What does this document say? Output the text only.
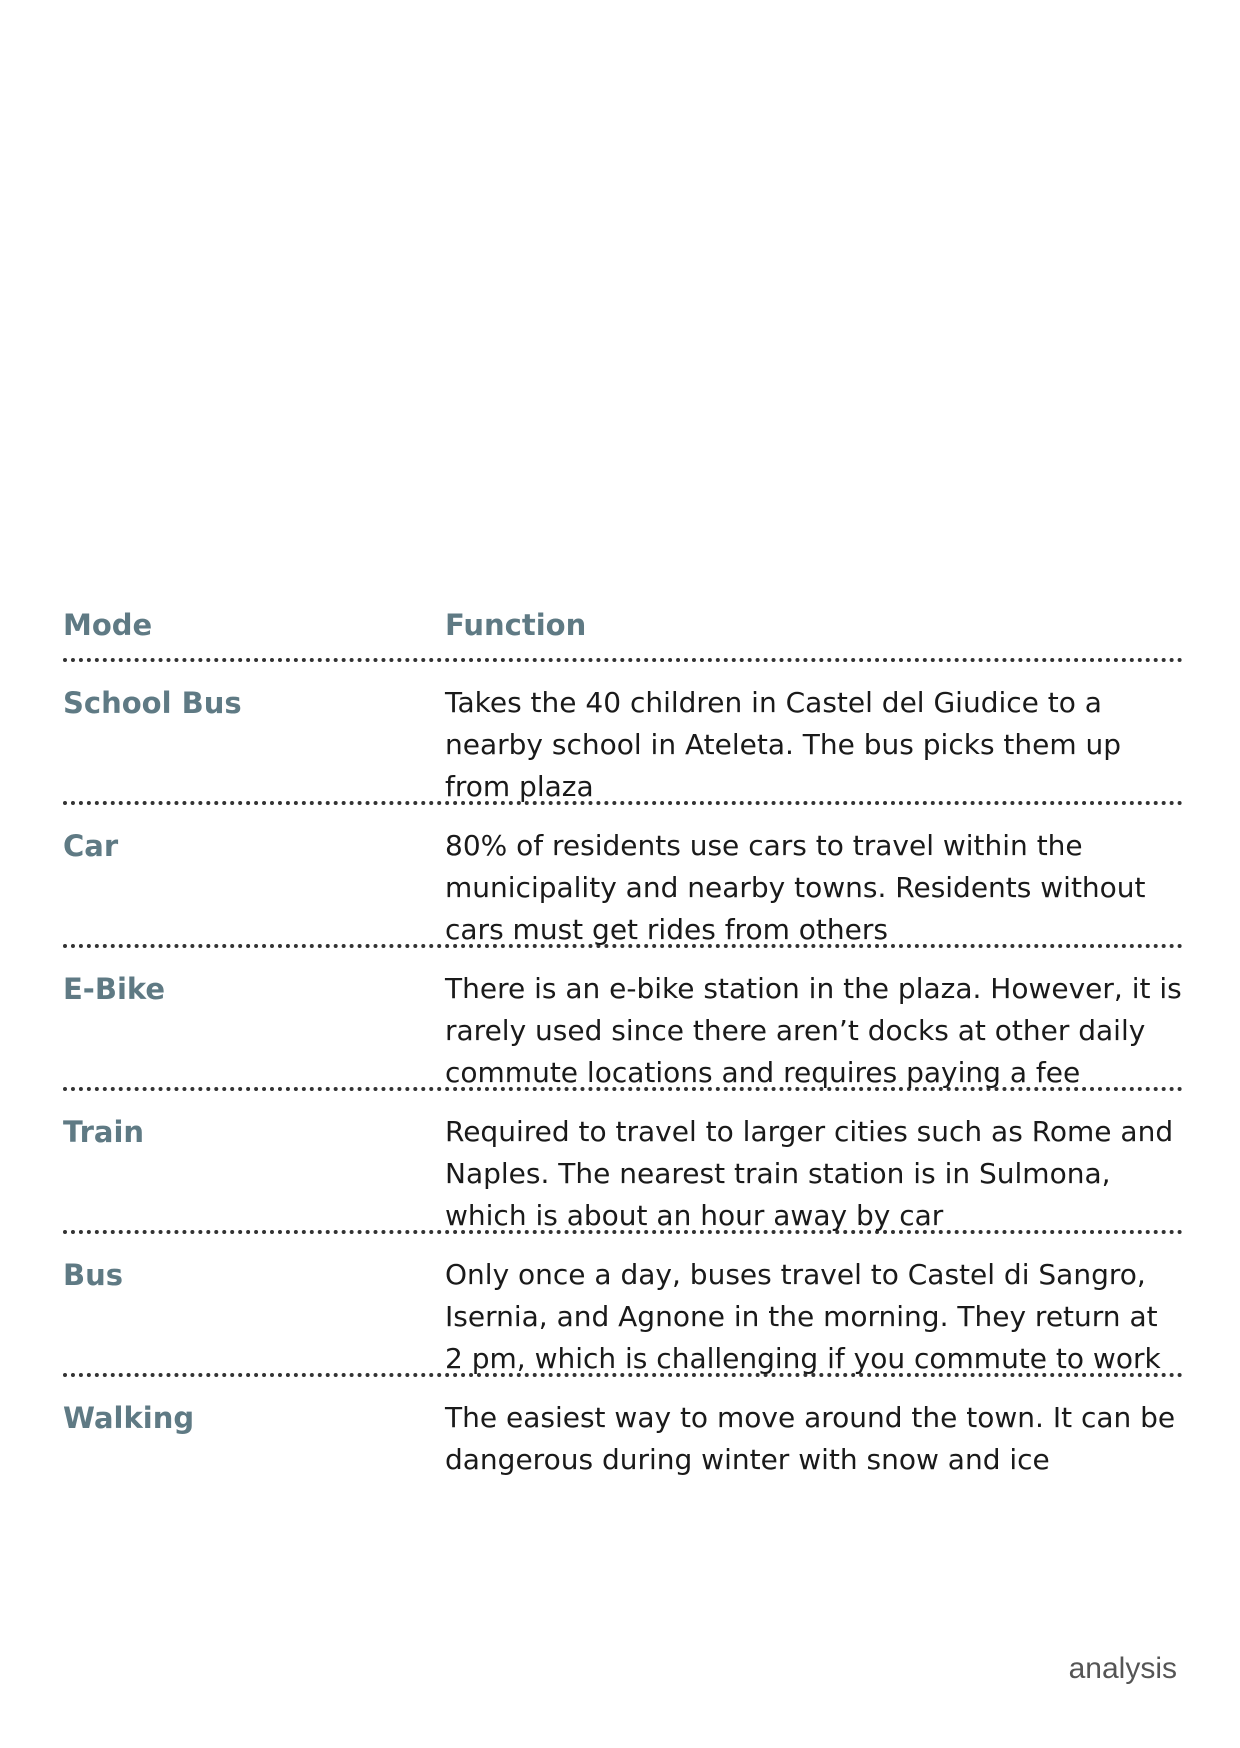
Mode	Function
School Bus	Takes the 40 children in Castel del Giudice to a nearby school in Ateleta. The bus picks them up from plaza
Car	80% of residents use cars to travel within the municipality and nearby towns. Residents without cars must get rides from others
E-Bike	There is an e-bike station in the plaza. However, it is rarely used since there aren’t docks at other daily commute locations and requires paying a fee
Train	Required to travel to larger cities such as Rome and Naples. The nearest train station is in Sulmona, which is about an hour away by car
Bus	Only once a day, buses travel to Castel di Sangro, Isernia, and Agnone in the morning. They return at 2 pm, which is challenging if you commute to work
Walking	The easiest way to move around the town. It can be dangerous during winter with snow and ice
analysis
